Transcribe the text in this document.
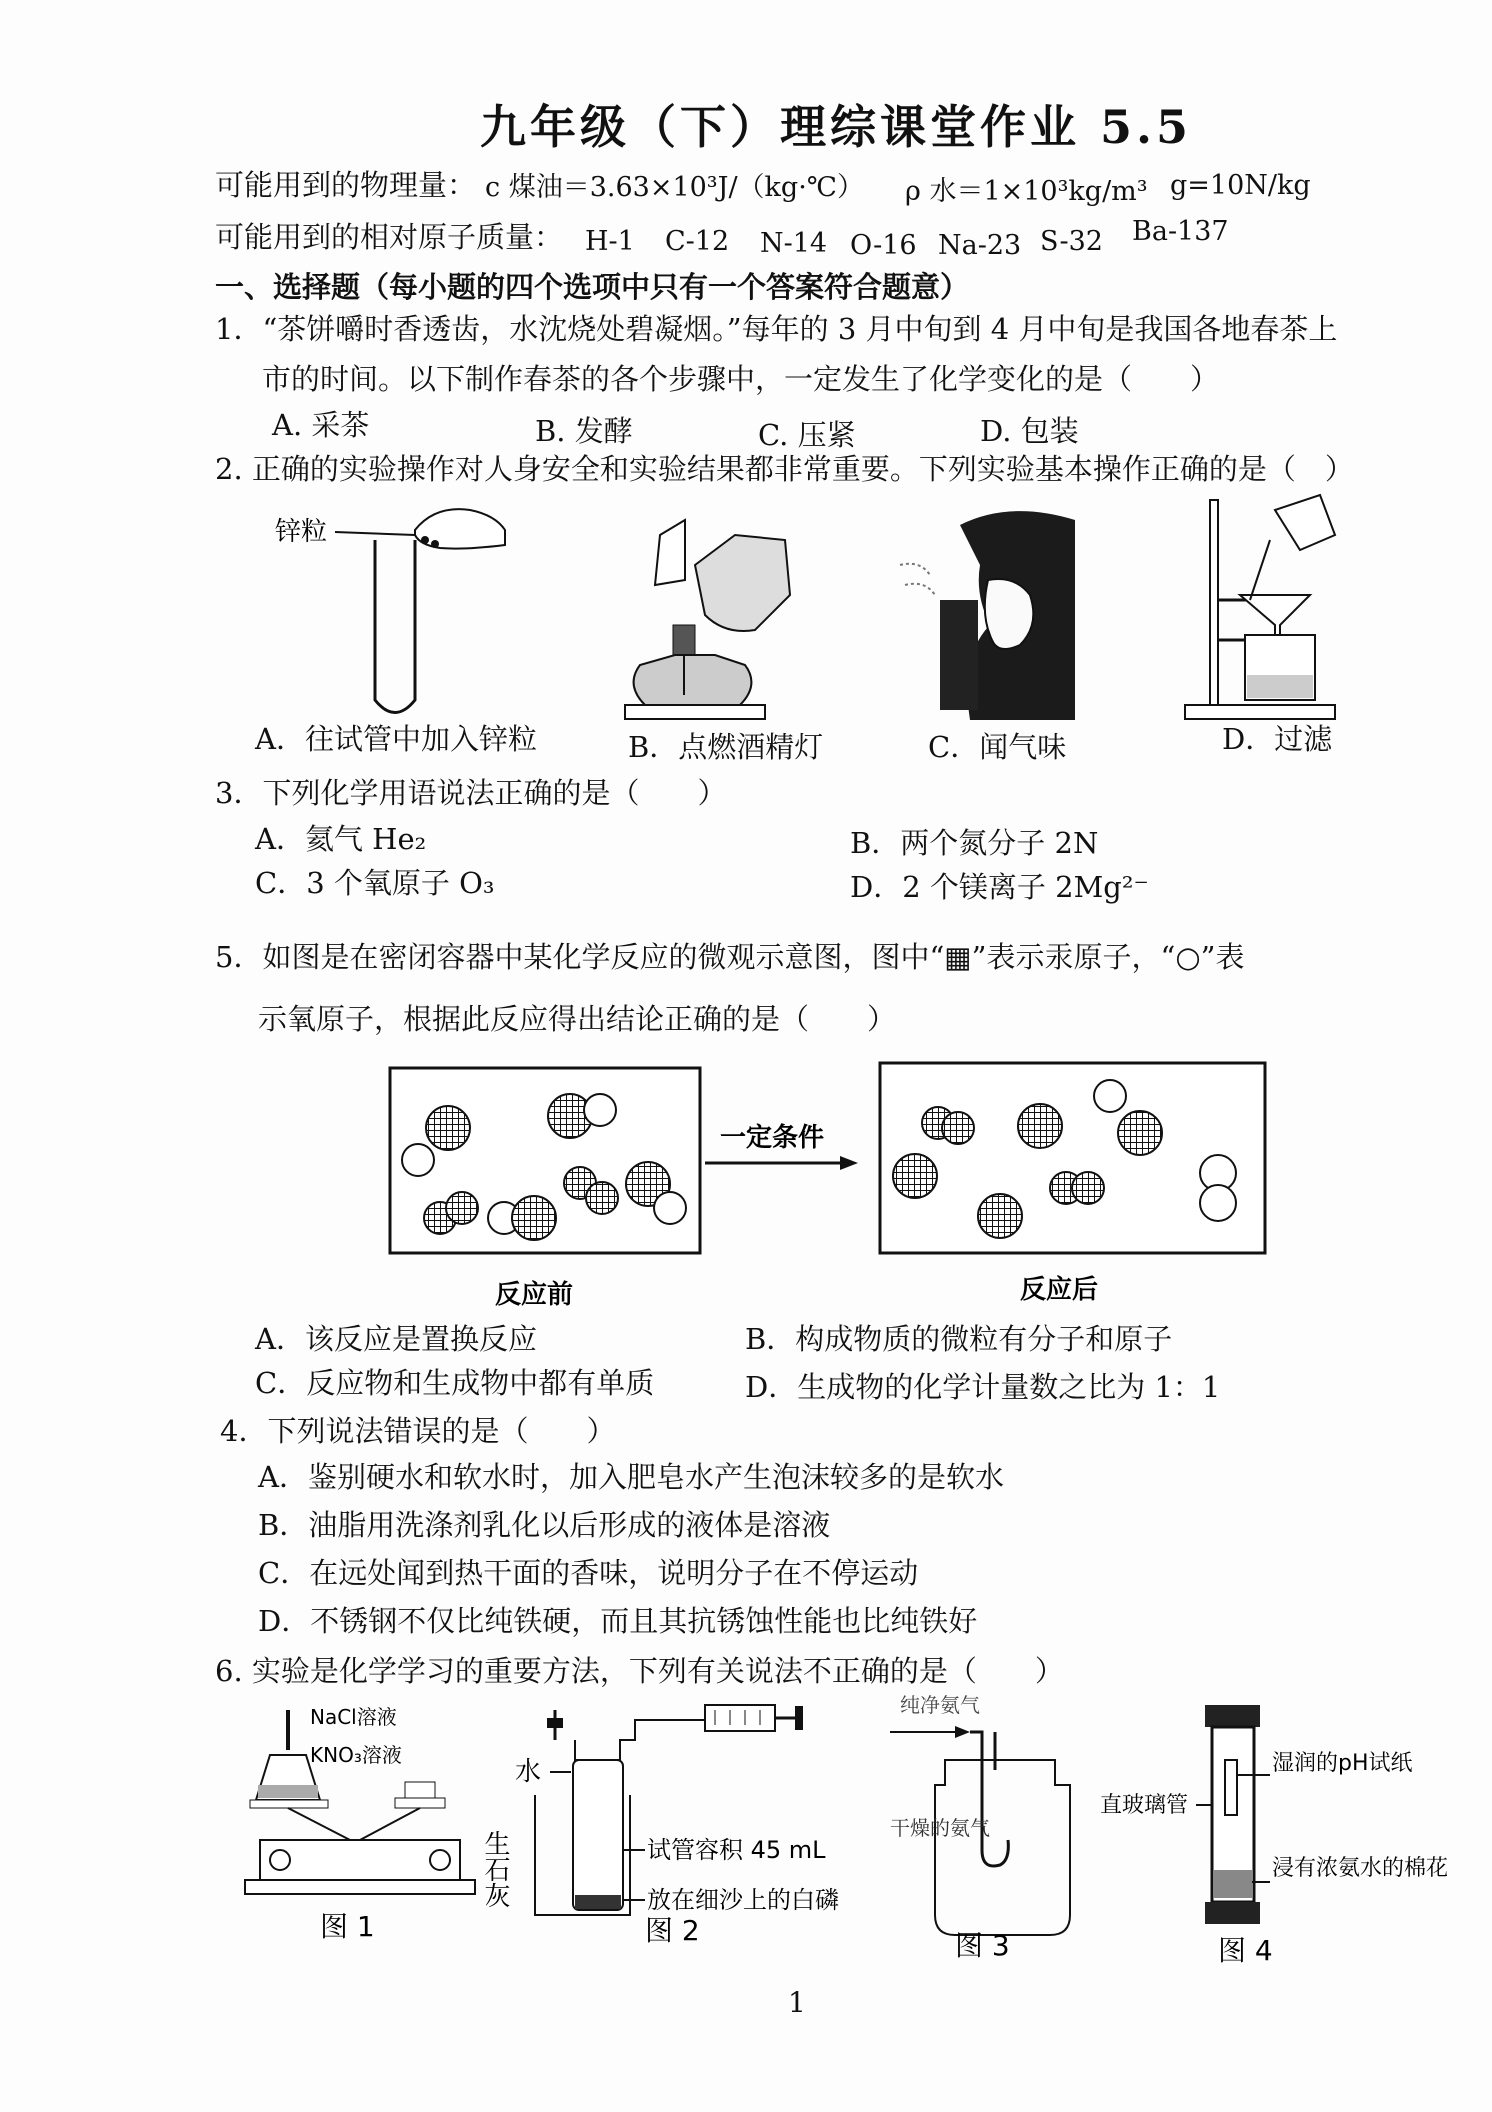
九年级（下）理综课堂作业 5.5
可能用到的物理量： c 煤油＝3.63×10³J/（kg·℃） ρ 水＝1×10³kg/m³ g=10N/kg
可能用到的相对原子质量： H-1 C-12 N-14 O-16 Na-23 S-32 Ba-137
一、选择题（每小题的四个选项中只有一个答案符合题意）
1．“茶饼嚼时香透齿，水沈烧处碧凝烟。”每年的 3 月中旬到 4 月中旬是我国各地春茶上
市的时间。以下制作春茶的各个步骤中，一定发生了化学变化的是（　　）
A. 采茶	B. 发酵	C. 压紧	D. 包装
2. 正确的实验操作对人身安全和实验结果都非常重要。下列实验基本操作正确的是（　）
锌粒
A．往试管中加入锌粒	B．点燃酒精灯	C．闻气味	D．过滤
3．下列化学用语说法正确的是（　　）
A．氦气 He₂	B．两个氮分子 2N
C．3 个氧原子 O₃	D．2 个镁离子 2Mg²⁻
5．如图是在密闭容器中某化学反应的微观示意图，图中“▦”表示汞原子，“○”表
示氧原子，根据此反应得出结论正确的是（　　）
一定条件
反应前	反应后
A．该反应是置换反应	B．构成物质的微粒有分子和原子
C．反应物和生成物中都有单质	D．生成物的化学计量数之比为 1：1
4．下列说法错误的是（　　）
A．鉴别硬水和软水时，加入肥皂水产生泡沫较多的是软水
B．油脂用洗涤剂乳化以后形成的液体是溶液
C．在远处闻到热干面的香味，说明分子在不停运动
D．不锈钢不仅比纯铁硬，而且其抗锈蚀性能也比纯铁好
6. 实验是化学学习的重要方法，下列有关说法不正确的是（　　）
NaCl溶液
KNO₃溶液
图 1
水
生石灰	试管容积 45 mL
放在细沙上的白磷
图 2
纯净氨气
干燥的氨气
图 3
直玻璃管
湿润的pH试纸
浸有浓氨水的棉花
图 4
1
